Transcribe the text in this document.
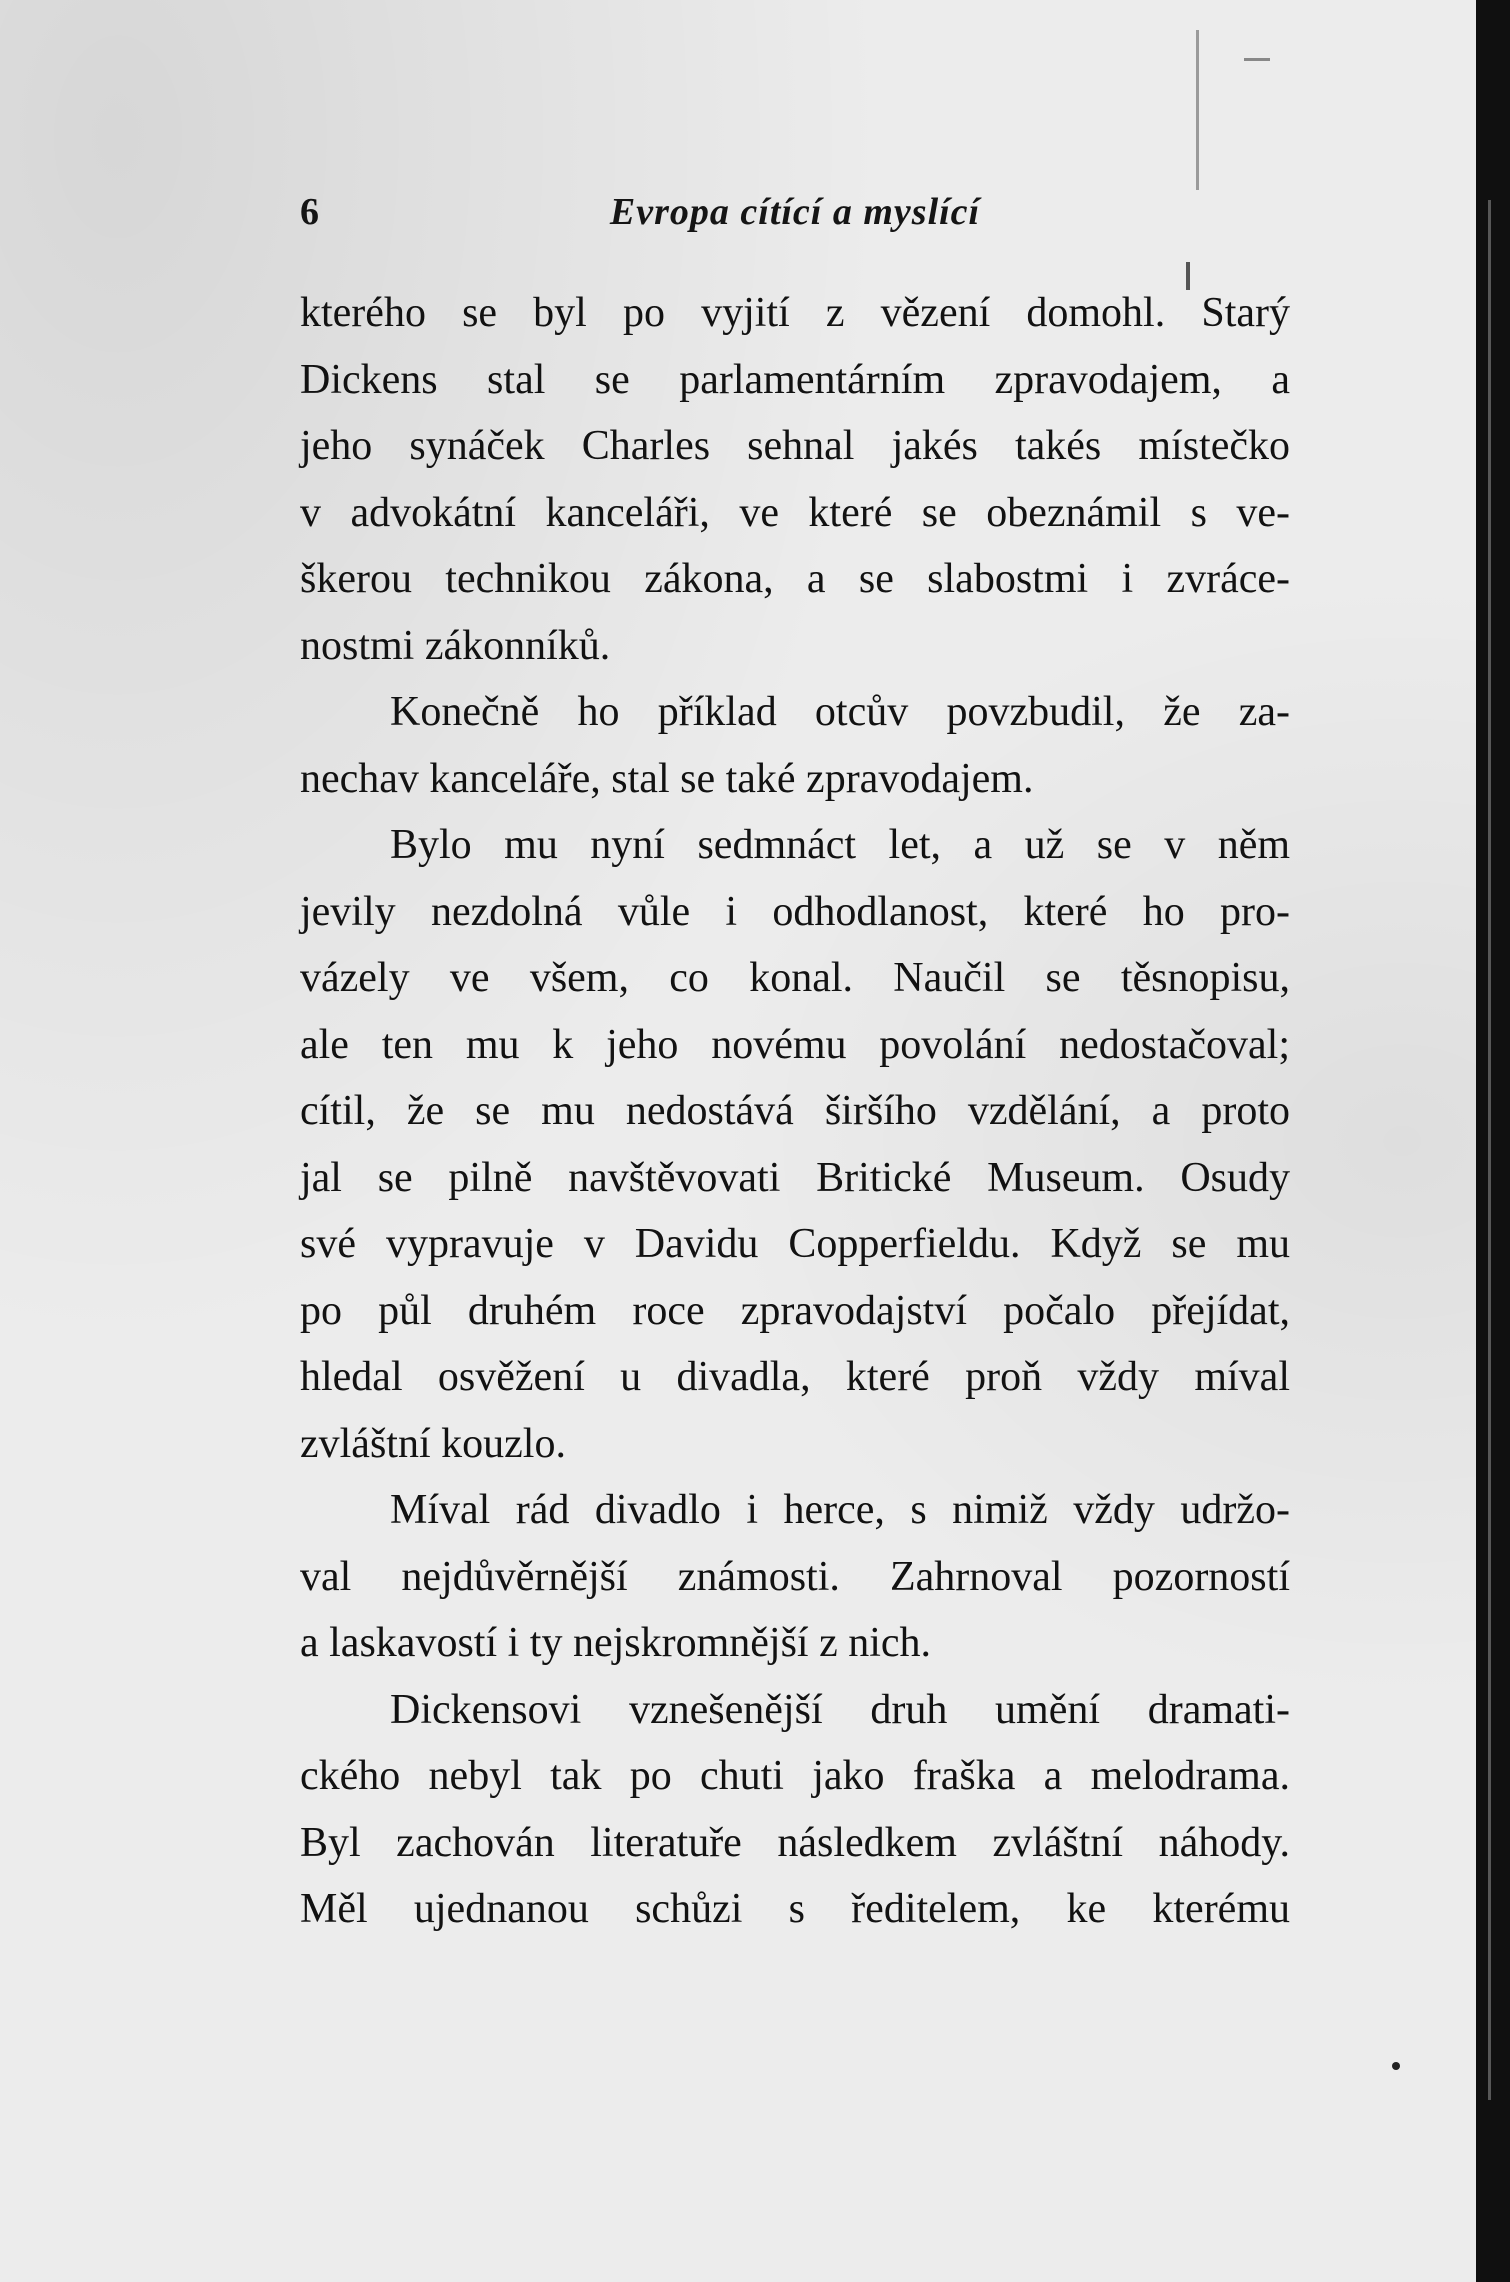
6	Evropa cítící a myslící

kterého se byl po vyjití z vězení domohl. Starý
Dickens stal se parlamentárním zpravodajem, a
jeho synáček Charles sehnal jakés takés místečko
v advokátní kanceláři, ve které se obeznámil s ve-
škerou technikou zákona, a se slabostmi i zvráce-
nostmi zákonníků.

Konečně ho příklad otcův povzbudil, že za-
nechav kanceláře, stal se také zpravodajem.

Bylo mu nyní sedmnáct let, a už se v něm
jevily nezdolná vůle i odhodlanost, které ho pro-
vázely ve všem, co konal. Naučil se těsnopisu,
ale ten mu k jeho novému povolání nedostačoval;
cítil, že se mu nedostává širšího vzdělání, a proto
jal se pilně navštěvovati Britické Museum. Osudy
své vypravuje v Davidu Copperfieldu. Když se mu
po půl druhém roce zpravodajství počalo přejídat,
hledal osvěžení u divadla, které proň vždy míval
zvláštní kouzlo.

Míval rád divadlo i herce, s nimiž vždy udržo-
val nejdůvěrnější známosti. Zahrnoval pozorností
a laskavostí i ty nejskromnější z nich.

Dickensovi vznešenější druh umění dramati-
ckého nebyl tak po chuti jako fraška a melodrama.
Byl zachován literatuře následkem zvláštní náhody.
Měl ujednanou schůzi s ředitelem, ke kterému
